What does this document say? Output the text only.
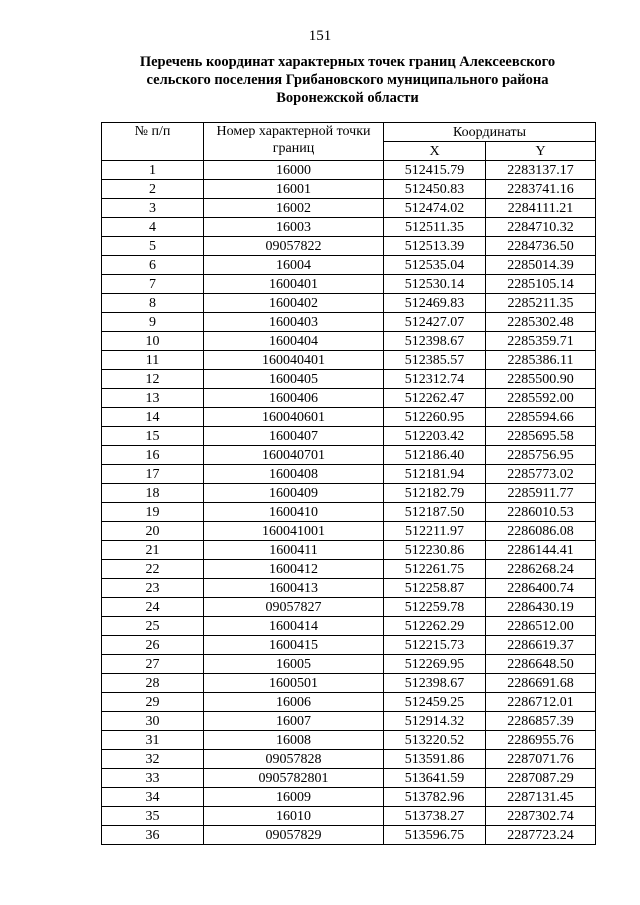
151
Перечень координат характерных точек границ Алексеевского
сельского поселения Грибановского муниципального района
Воронежской области
№ п/п	Номер характерной точки
границ	Координаты	
		X	Y
1	16000	512415.79	2283137.17
2	16001	512450.83	2283741.16
3	16002	512474.02	2284111.21
4	16003	512511.35	2284710.32
5	09057822	512513.39	2284736.50
6	16004	512535.04	2285014.39
7	1600401	512530.14	2285105.14
8	1600402	512469.83	2285211.35
9	1600403	512427.07	2285302.48
10	1600404	512398.67	2285359.71
11	160040401	512385.57	2285386.11
12	1600405	512312.74	2285500.90
13	1600406	512262.47	2285592.00
14	160040601	512260.95	2285594.66
15	1600407	512203.42	2285695.58
16	160040701	512186.40	2285756.95
17	1600408	512181.94	2285773.02
18	1600409	512182.79	2285911.77
19	1600410	512187.50	2286010.53
20	160041001	512211.97	2286086.08
21	1600411	512230.86	2286144.41
22	1600412	512261.75	2286268.24
23	1600413	512258.87	2286400.74
24	09057827	512259.78	2286430.19
25	1600414	512262.29	2286512.00
26	1600415	512215.73	2286619.37
27	16005	512269.95	2286648.50
28	1600501	512398.67	2286691.68
29	16006	512459.25	2286712.01
30	16007	512914.32	2286857.39
31	16008	513220.52	2286955.76
32	09057828	513591.86	2287071.76
33	0905782801	513641.59	2287087.29
34	16009	513782.96	2287131.45
35	16010	513738.27	2287302.74
36	09057829	513596.75	2287723.24
